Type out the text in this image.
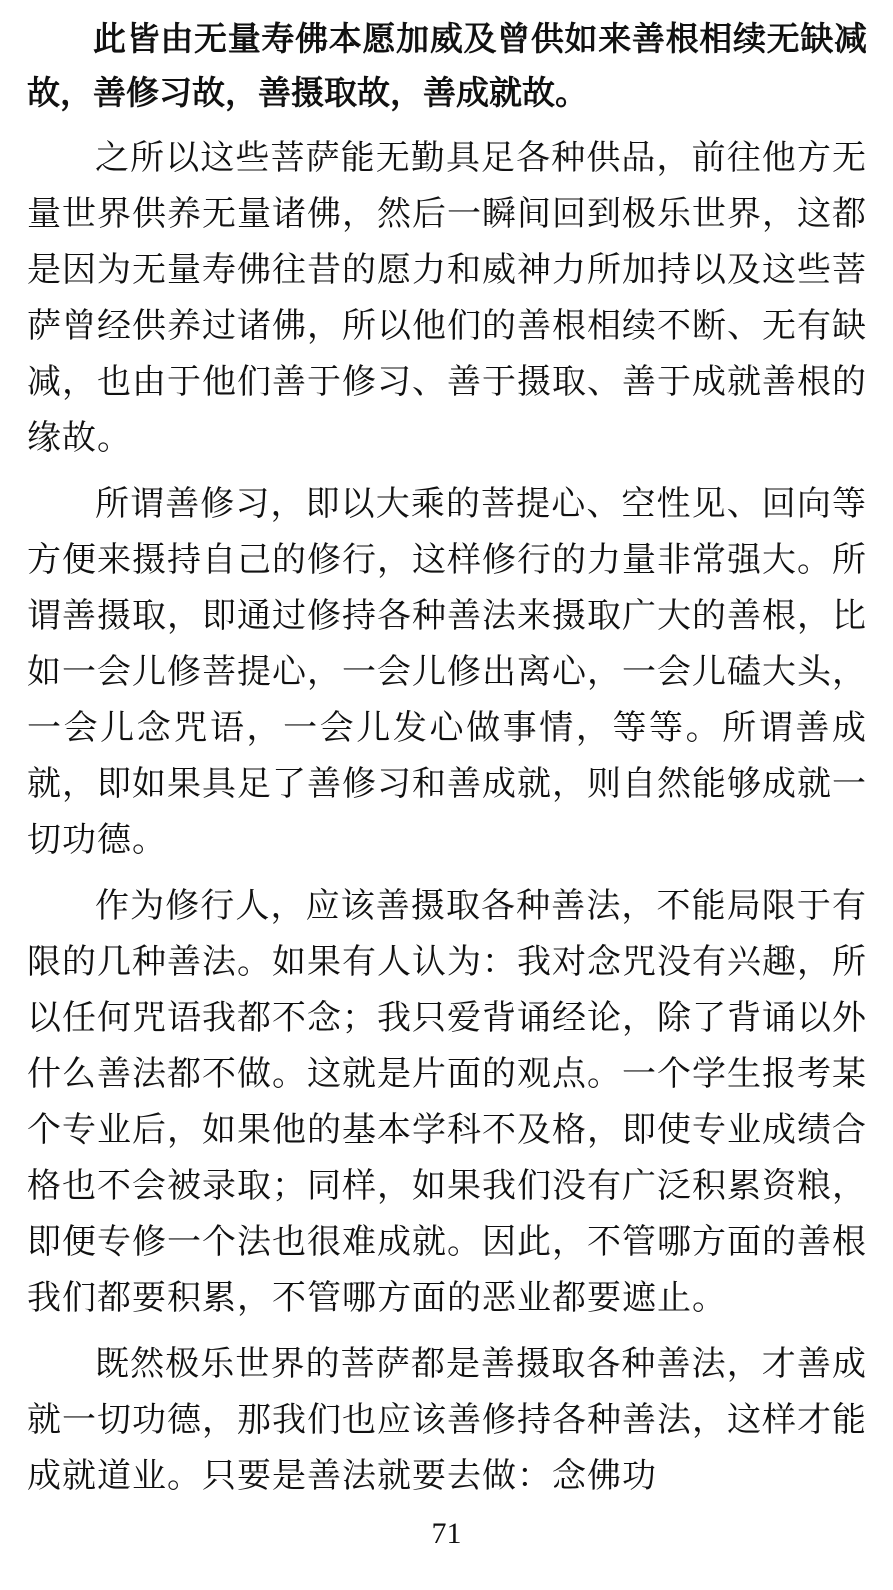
此皆由无量寿佛本愿加威及曾供如来善根相续无缺减故，善修习故，善摄取故，善成就故。

之所以这些菩萨能无勤具足各种供品，前往他方无量世界供养无量诸佛，然后一瞬间回到极乐世界，这都是因为无量寿佛往昔的愿力和威神力所加持以及这些菩萨曾经供养过诸佛，所以他们的善根相续不断、无有缺减，也由于他们善于修习、善于摄取、善于成就善根的缘故。

所谓善修习，即以大乘的菩提心、空性见、回向等方便来摄持自己的修行，这样修行的力量非常强大。所谓善摄取，即通过修持各种善法来摄取广大的善根，比如一会儿修菩提心，一会儿修出离心，一会儿磕大头，一会儿念咒语，一会儿发心做事情，等等。所谓善成就，即如果具足了善修习和善成就，则自然能够成就一切功德。

作为修行人，应该善摄取各种善法，不能局限于有限的几种善法。如果有人认为：我对念咒没有兴趣，所以任何咒语我都不念；我只爱背诵经论，除了背诵以外什么善法都不做。这就是片面的观点。一个学生报考某个专业后，如果他的基本学科不及格，即使专业成绩合格也不会被录取；同样，如果我们没有广泛积累资粮，即便专修一个法也很难成就。因此，不管哪方面的善根我们都要积累，不管哪方面的恶业都要遮止。

既然极乐世界的菩萨都是善摄取各种善法，才善成就一切功德，那我们也应该善修持各种善法，这样才能成就道业。只要是善法就要去做：念佛功

71
